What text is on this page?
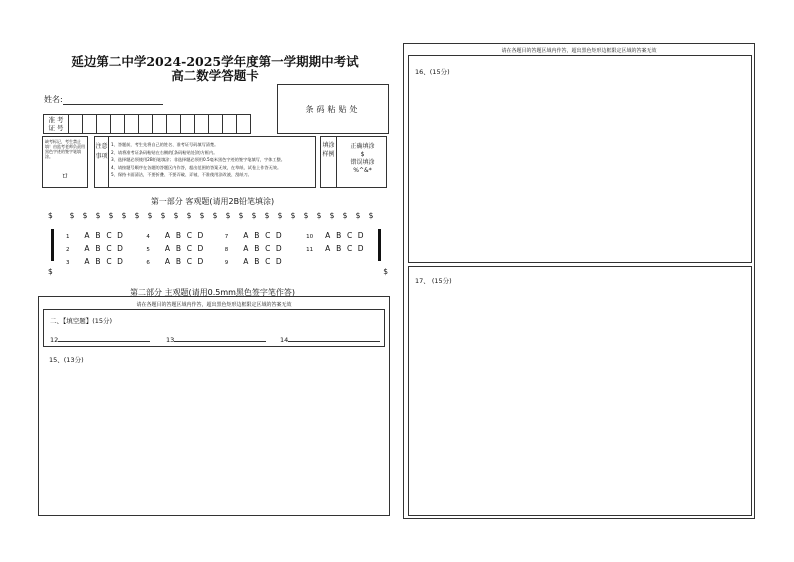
延边第二中学2024-2025学年度第一学期期中考试
高二数学答题卡
姓名:
条码粘贴处
准 考
证 号
缺考标记，考生禁止填！由监考老师负责用黑色字迹的签字笔填涂。
ロ
注意事项
1、答题前，考生先将自己的姓名、准考证号码填写清楚。
2、请将准考证条码粘贴在右侧的[条码粘贴处]的方框内。
3、选择题必须使用2B铅笔填涂；非选择题必须用0.5毫米黑色字迹的签字笔填写，字体工整。
4、请按题号顺序在各题的答题区内作答，超出范围的答案无效，在草纸、试卷上作答无效。
5、保持卡面清洁，不要折叠、不要弄破、弄皱，不准使用涂改液、刮纸刀。
填涂样例
正确填涂
$
错误填涂
%^&*
第一部分 客观题(请用2B铅笔填涂)
$ $ $ $ $ $ $ $ $ $ $ $ $ $ $ $ $ $ $ $ $ $ $ $ $
1 A B C D	4 A B C D	7 A B C D	10 A B C D
2 A B C D	5 A B C D	8 A B C D	11 A B C D
3 A B C D	6 A B C D	9 A B C D
$	$
第二部分 主观题(请用0.5mm黑色签字笔作答)
请在各题目的答题区域内作答，超出黑色矩形边框限定区域的答案无效
二、【填空题】(15分)
12	13	14
15、(13分)
请在各题目的答题区域内作答，超出黑色矩形边框限定区域的答案无效
16、(15分)
17、 (15分)
